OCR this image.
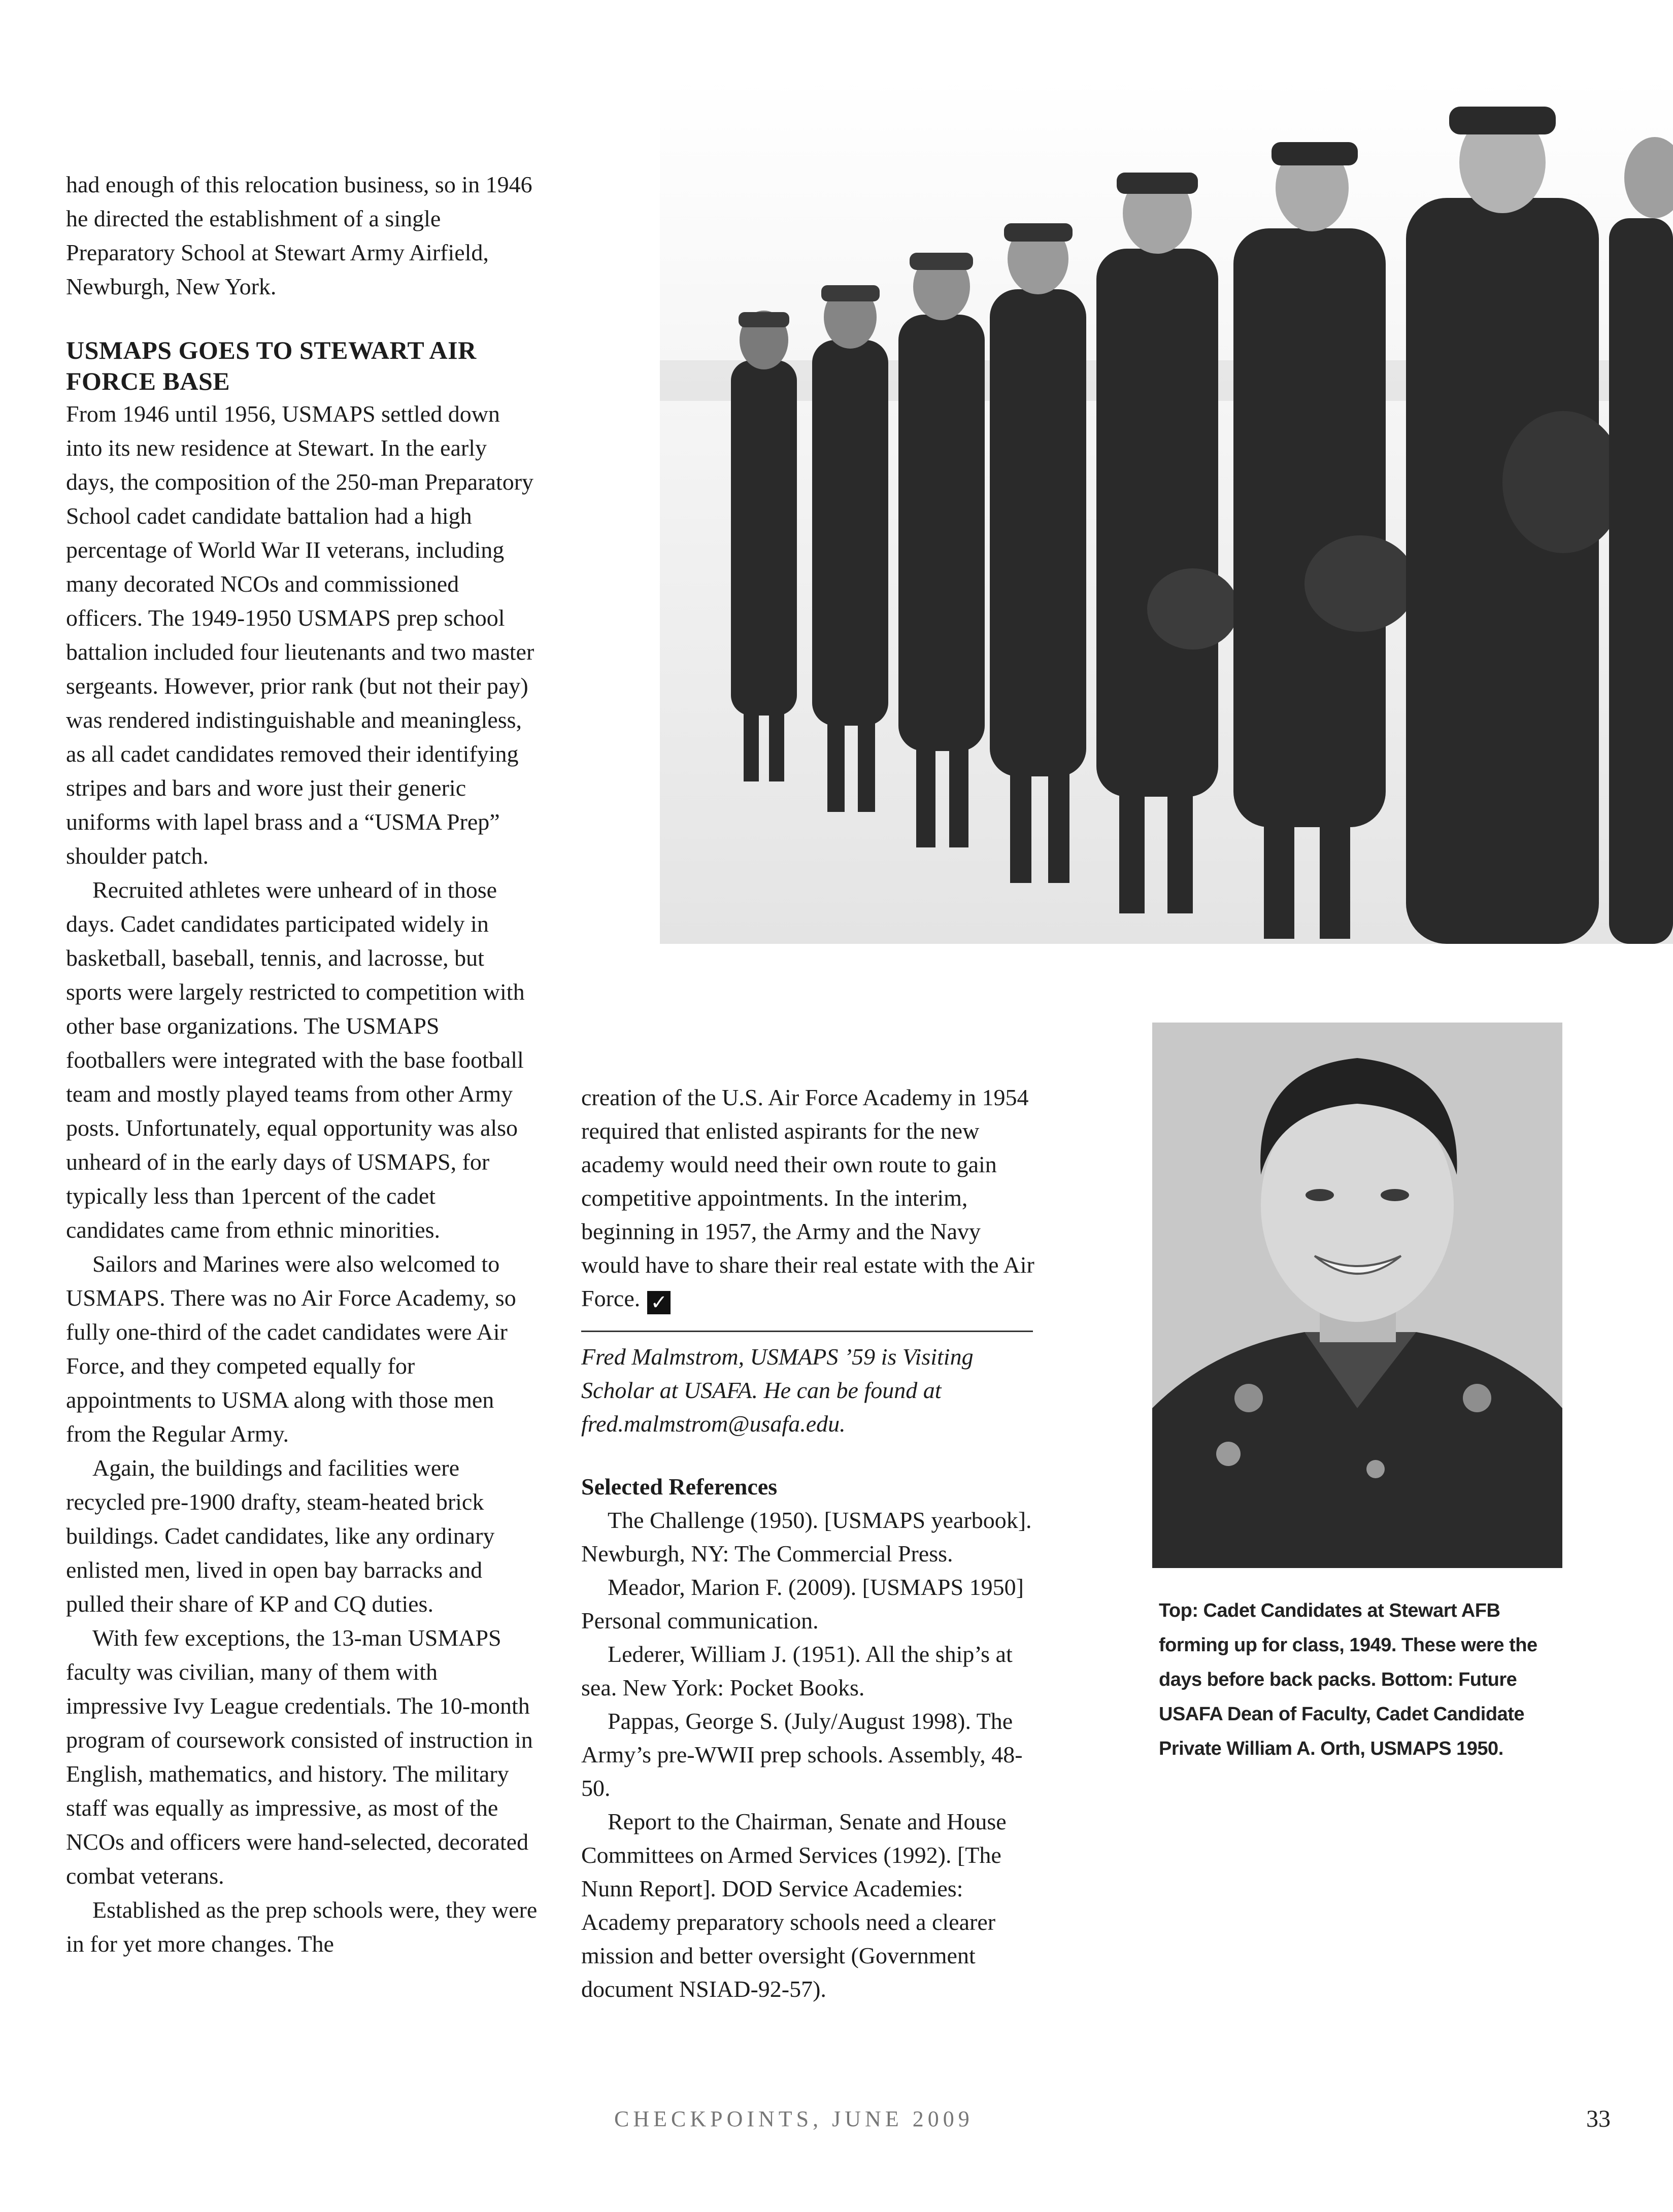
had enough of this relocation business, so in 1946 he directed the establishment of a single Preparatory School at Stewart Army Airfield, Newburgh, New York.

USMAPS GOES TO STEWART AIR FORCE BASE

From 1946 until 1956, USMAPS settled down into its new residence at Stewart. In the early days, the composition of the 250-man Preparatory School cadet candidate battalion had a high percentage of World War II veterans, including many decorated NCOs and commissioned officers. The 1949-1950 USMAPS prep school battalion included four lieutenants and two master sergeants. However, prior rank (but not their pay) was rendered indistinguishable and meaningless, as all cadet candidates removed their identifying stripes and bars and wore just their generic uniforms with lapel brass and a “USMA Prep” shoulder patch.

Recruited athletes were unheard of in those days. Cadet candidates participated widely in basketball, baseball, tennis, and lacrosse, but sports were largely restricted to competition with other base organizations. The USMAPS footballers were integrated with the base football team and mostly played teams from other Army posts. Unfortunately, equal opportunity was also unheard of in the early days of USMAPS, for typically less than 1percent of the cadet candidates came from ethnic minorities.

Sailors and Marines were also welcomed to USMAPS. There was no Air Force Academy, so fully one-third of the cadet candidates were Air Force, and they competed equally for appointments to USMA along with those men from the Regular Army.

Again, the buildings and facilities were recycled pre-1900 drafty, steam-heated brick buildings. Cadet candidates, like any ordinary enlisted men, lived in open bay barracks and pulled their share of KP and CQ duties.

With few exceptions, the 13-man USMAPS faculty was civilian, many of them with impressive Ivy League credentials. The 10-month program of coursework consisted of instruction in English, mathematics, and history. The military staff was equally as impressive, as most of the NCOs and officers were hand-selected, decorated combat veterans.

Established as the prep schools were, they were in for yet more changes. The

creation of the U.S. Air Force Academy in 1954 required that enlisted aspirants for the new academy would need their own route to gain competitive appointments. In the interim, beginning in 1957, the Army and the Navy would have to share their real estate with the Air Force. ✓

Fred Malmstrom, USMAPS ’59 is Visiting Scholar at USAFA. He can be found at fred.malmstrom@usafa.edu.

Selected References

The Challenge (1950). [USMAPS yearbook]. Newburgh, NY: The Commercial Press.

Meador, Marion F. (2009). [USMAPS 1950] Personal communication.

Lederer, William J. (1951). All the ship’s at sea. New York: Pocket Books.

Pappas, George S. (July/August 1998). The Army’s pre-WWII prep schools. Assembly, 48-50.

Report to the Chairman, Senate and House Committees on Armed Services (1992). [The Nunn Report]. DOD Service Academies: Academy preparatory schools need a clearer mission and better oversight (Government document NSIAD-92-57).

Top: Cadet Candidates at Stewart AFB forming up for class, 1949. These were the days before back packs. Bottom: Future USAFA Dean of Faculty, Cadet Candidate Private William A. Orth, USMAPS 1950.
CHECKPOINTS, JUNE 2009	33
